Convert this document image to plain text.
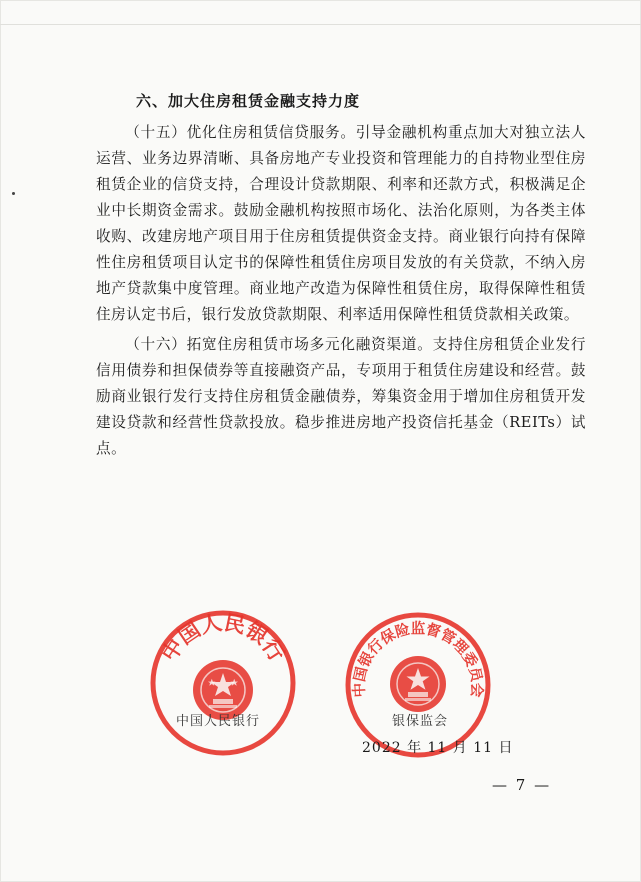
六、加大住房租赁金融支持力度

（十五）优化住房租赁信贷服务。引导金融机构重点加大对独立法人运营、业务边界清晰、具备房地产专业投资和管理能力的自持物业型住房租赁企业的信贷支持，合理设计贷款期限、利率和还款方式，积极满足企业中长期资金需求。鼓励金融机构按照市场化、法治化原则，为各类主体收购、改建房地产项目用于住房租赁提供资金支持。商业银行向持有保障性住房租赁项目认定书的保障性租赁住房项目发放的有关贷款，不纳入房地产贷款集中度管理。商业地产改造为保障性租赁住房，取得保障性租赁住房认定书后，银行发放贷款期限、利率适用保障性租赁贷款相关政策。

（十六）拓宽住房租赁市场多元化融资渠道。支持住房租赁企业发行信用债券和担保债券等直接融资产品，专项用于租赁住房建设和经营。鼓励商业银行发行支持住房租赁金融债券，筹集资金用于增加住房租赁开发建设贷款和经营性贷款投放。稳步推进房地产投资信托基金（REITs）试点。

中国人民银行
中国银行保险监督管理委员会
中国人民银行	银保监会
2022 年 11 月 11 日
— 7 —
